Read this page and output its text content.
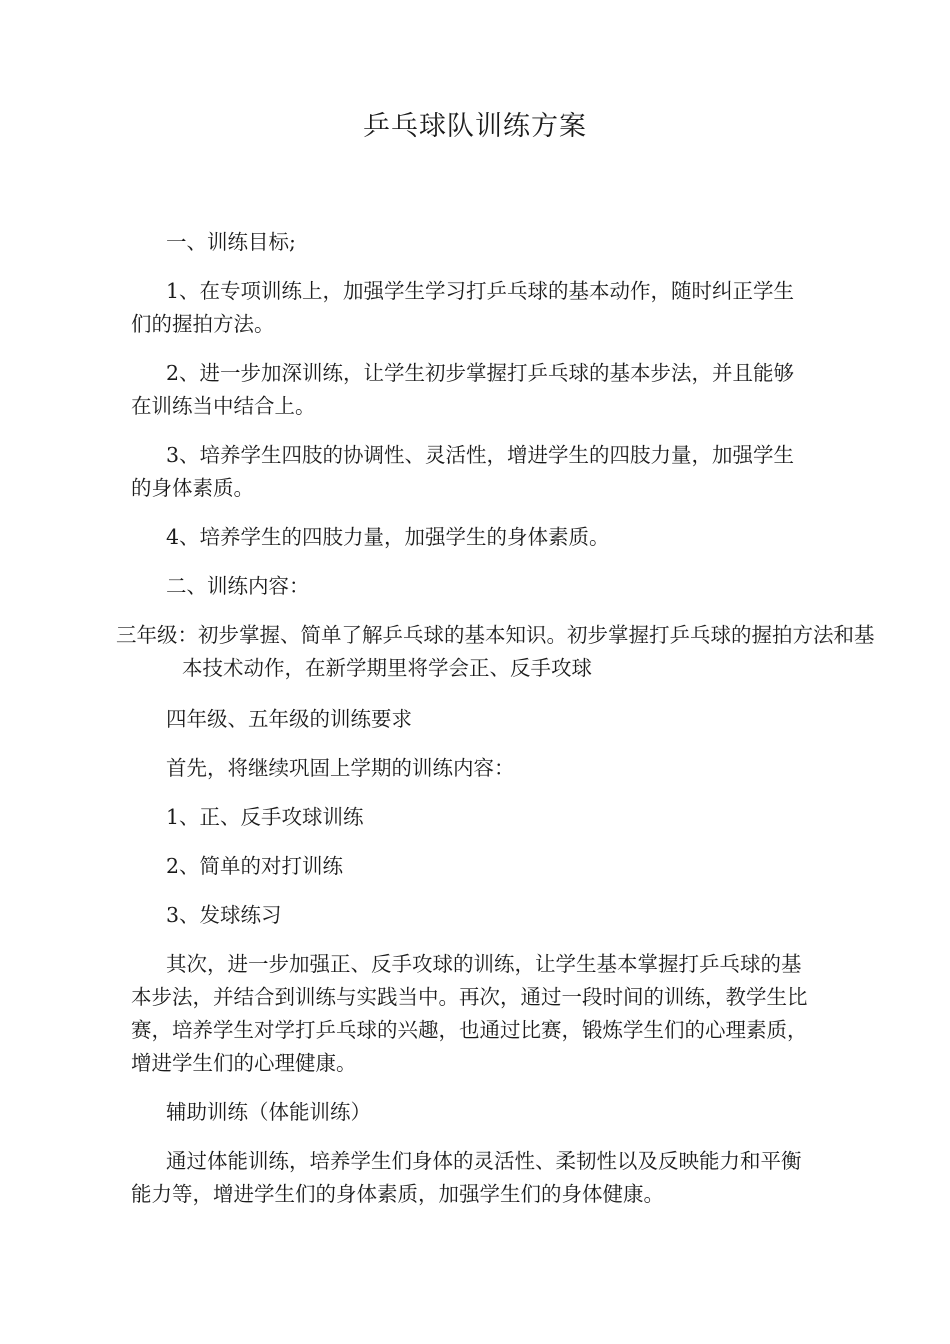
乒乓球队训练方案

一、训练目标;

1、在专项训练上，加强学生学习打乒乓球的基本动作，随时纠正学生们的握拍方法。

2、进一步加深训练，让学生初步掌握打乒乓球的基本步法，并且能够在训练当中结合上。

3、培养学生四肢的协调性、灵活性，增进学生的四肢力量，加强学生的身体素质。

4、培养学生的四肢力量，加强学生的身体素质。

二、训练内容：

三年级：初步掌握、简单了解乒乓球的基本知识。初步掌握打乒乓球的握拍方法和基本技术动作，在新学期里将学会正、反手攻球

四年级、五年级的训练要求

首先，将继续巩固上学期的训练内容：

1、正、反手攻球训练

2、简单的对打训练

3、发球练习

其次，进一步加强正、反手攻球的训练，让学生基本掌握打乒乓球的基本步法，并结合到训练与实践当中。再次，通过一段时间的训练，教学生比赛，培养学生对学打乒乓球的兴趣，也通过比赛，锻炼学生们的心理素质，增进学生们的心理健康。

辅助训练（体能训练）

通过体能训练，培养学生们身体的灵活性、柔韧性以及反映能力和平衡能力等，增进学生们的身体素质，加强学生们的身体健康。
